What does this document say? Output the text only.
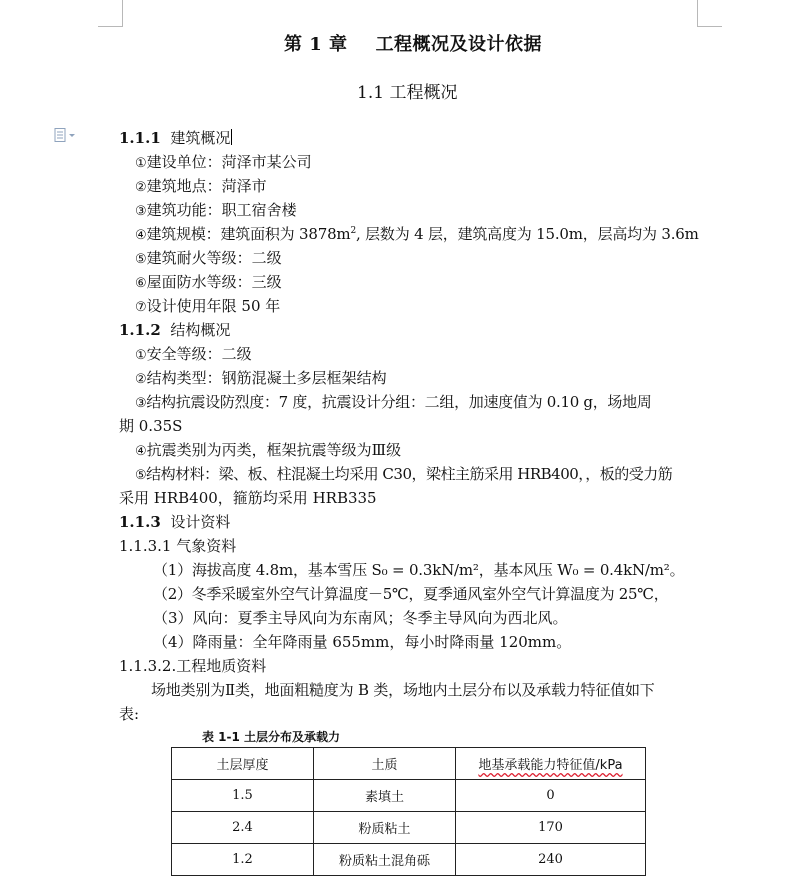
第 1 章 工程概况及设计依据
1.1 工程概况
1.1.1 建筑概况
①建设单位：菏泽市某公司
②建筑地点：菏泽市
③建筑功能：职工宿舍楼
④建筑规模：建筑面积为 $3878m^2$, 层数为 4 层，建筑高度为 15.0m，层高均为 3.6m
⑤建筑耐火等级：二级
⑥屋面防水等级：三级
⑦设计使用年限 50 年
1.1.2 结构概况
①安全等级：二级
②结构类型：钢筋混凝土多层框架结构
③结构抗震设防烈度：7 度，抗震设计分组：二组，加速度值为 0.10 g，场地周
期 0.35S
④抗震类别为丙类，框架抗震等级为Ⅲ级
⑤结构材料：梁、板、柱混凝土均采用 C30，梁柱主筋采用 HRB400，，板的受力筋
采用 HRB400，箍筋均采用 HRB335
1.1.3 设计资料
1.1.3.1 气象资料
（1）海拔高度 4.8m，基本雪压 S₀ = 0.3kN/m²，基本风压 W₀ = 0.4kN/m²。
（2）冬季采暖室外空气计算温度－5℃，夏季通风室外空气计算温度为 25℃，
（3）风向：夏季主导风向为东南风；冬季主导风向为西北风。
（4）降雨量：全年降雨量 655mm，每小时降雨量 120mm。
1.1.3.2.工程地质资料
场地类别为Ⅱ类，地面粗糙度为 B 类，场地内土层分布以及承载力特征值如下
表:
表 1-1 土层分布及承载力
土层厚度	土质	地基承载能力特征值/kPa
1.5	素填土	0
2.4	粉质粘土	170
1.2	粉质粘土混角砾	240
